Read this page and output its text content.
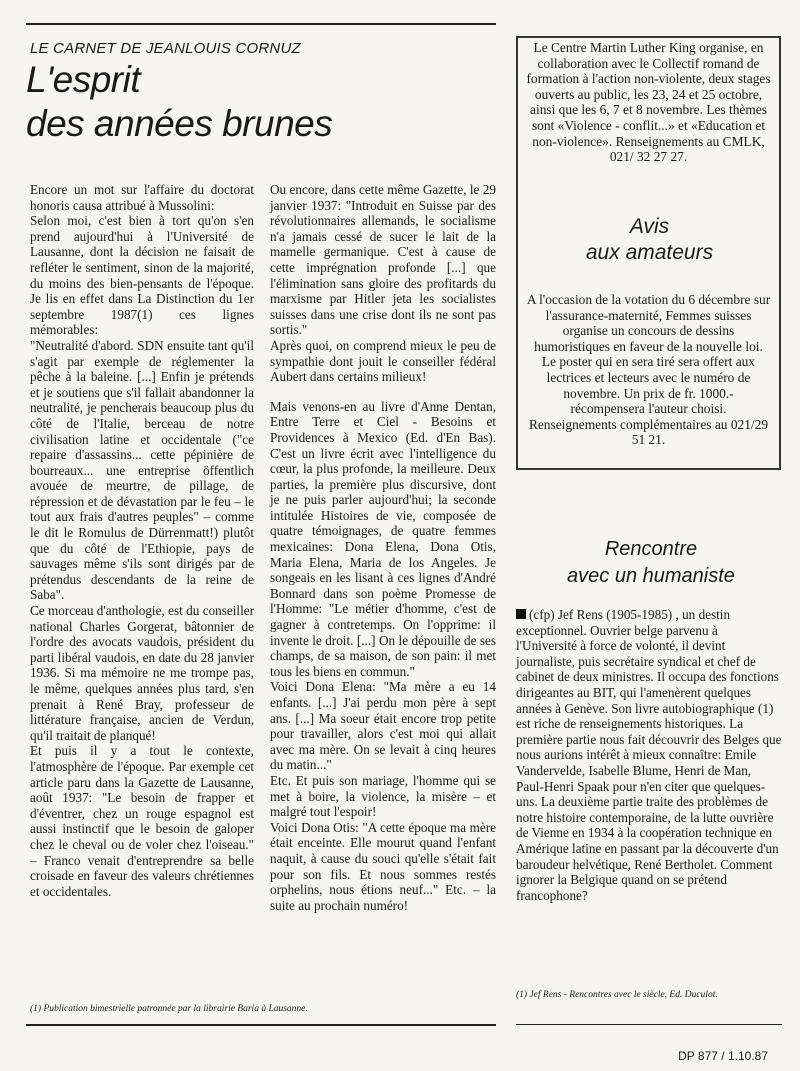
LE CARNET DE JEANLOUIS CORNUZ
L'esprit
des années brunes

Encore un mot sur l'affaire du doctorat honoris causa attribué à Mussolini:

Selon moi, c'est bien à tort qu'on s'en prend aujourd'hui à l'Université de Lausanne, dont la décision ne faisait de refléter le sentiment, sinon de la majorité, du moins des bien-pensants de l'époque. Je lis en effet dans La Distinction du 1er septembre 1987(1) ces lignes mémorables:

"Neutralité d'abord. SDN ensuite tant qu'il s'agit par exemple de réglementer la pêche à la baleine. [...] Enfin je prétends et je soutiens que s'il fallait abandonner la neutralité, je pencherais beaucoup plus du côté de l'Italie, berceau de notre civilisation latine et occidentale ("ce repaire d'assassins... cette pépinière de bourreaux... une entreprise öffentlich avouée de meurtre, de pillage, de répression et de dévastation par le feu – le tout aux frais d'autres peuples" – comme le dit le Romulus de Dürrenmatt!) plutôt que du côté de l'Ethiopie, pays de sauvages même s'ils sont dirigés par de prétendus descendants de la reine de Saba".

Ce morceau d'anthologie, est du conseiller national Charles Gorgerat, bâtonnier de l'ordre des avocats vaudois, président du parti libéral vaudois, en date du 28 janvier 1936. Si ma mémoire ne me trompe pas, le même, quelques années plus tard, s'en prenait à René Bray, professeur de littérature française, ancien de Verdun, qu'il traitait de planqué!

Et puis il y a tout le contexte, l'atmosphère de l'époque. Par exemple cet article paru dans la Gazette de Lausanne, août 1937: "Le besoin de frapper et d'éventrer, chez un rouge espagnol est aussi instinctif que le besoin de galoper chez le cheval ou de voler chez l'oiseau." – Franco venait d'entreprendre sa belle croisade en faveur des valeurs chrétiennes et occidentales.

Ou encore, dans cette même Gazette, le 29 janvier 1937: "Introduit en Suisse par des révolutionnaires allemands, le socialisme n'a jamais cessé de sucer le lait de la mamelle germanique. C'est à cause de cette imprégnation profonde [...] que l'élimination sans gloire des profitards du marxisme par Hitler jeta les socialistes suisses dans une crise dont ils ne sont pas sortis."

Après quoi, on comprend mieux le peu de sympathie dont jouit le conseiller fédéral Aubert dans certains milieux!

Mais venons-en au livre d'Anne Dentan, Entre Terre et Ciel - Besoins et Providences à Mexico (Ed. d'En Bas). C'est un livre écrit avec l'intelligence du cœur, la plus profonde, la meilleure. Deux parties, la première plus discursive, dont je ne puis parler aujourd'hui; la seconde intitulée Histoires de vie, composée de quatre témoignages, de quatre femmes mexicaines: Dona Elena, Dona Otis, Maria Elena, Maria de los Angeles. Je songeais en les lisant à ces lignes d'André Bonnard dans son poème Promesse de l'Homme: "Le métier d'homme, c'est de gagner à contretemps. On l'opprime: il invente le droit. [...] On le dépouille de ses champs, de sa maison, de son pain: il met tous les biens en commun."

Voici Dona Elena: "Ma mère a eu 14 enfants. [...] J'ai perdu mon père à sept ans. [...] Ma soeur était encore trop petite pour travailler, alors c'est moi qui allait avec ma mère. On se levait à cinq heures du matin..."

Etc. Et puis son mariage, l'homme qui se met à boire, la violence, la misère – et malgré tout l'espoir!

Voici Dona Otis: "A cette époque ma mère était enceinte. Elle mourut quand l'enfant naquit, à cause du souci qu'elle s'était fait pour son fils. Et nous sommes restés orphelins, nous étions neuf..." Etc. – la suite au prochain numéro!

(1) Publication bimestrielle patronnée par la librairie Baria à Lausanne.
Le Centre Martin Luther King organise, en collaboration avec le Collectif romand de formation à l'action non-violente, deux stages ouverts au public, les 23, 24 et 25 octobre, ainsi que les 6, 7 et 8 novembre. Les thèmes sont «Violence - conflit...» et «Education et non-violence». Renseignements au CMLK, 021/ 32 27 27.
Avis
aux amateurs
A l'occasion de la votation du 6 décembre sur l'assurance-maternité, Femmes suisses organise un concours de dessins humoristiques en faveur de la nouvelle loi. Le poster qui en sera tiré sera offert aux lectrices et lecteurs avec le numéro de novembre. Un prix de fr. 1000.- récompensera l'auteur choisi. Renseignements complémentaires au 021/29 51 21.
Rencontre
avec un humaniste
(cfp) Jef Rens (1905-1985) , un destin exceptionnel. Ouvrier belge parvenu à l'Université à force de volonté, il devint journaliste, puis secrétaire syndical et chef de cabinet de deux ministres. Il occupa des fonctions dirigeantes au BIT, qui l'amenèrent quelques années à Genève. Son livre autobiographique (1) est riche de renseignements historiques. La première partie nous fait découvrir des Belges que nous aurions intérêt à mieux connaître: Emile Vandervelde, Isabelle Blume, Henri de Man, Paul-Henri Spaak pour n'en citer que quelques-uns. La deuxième partie traite des problèmes de notre histoire contemporaine, de la lutte ouvrière de Vienne en 1934 à la coopération technique en Amérique latine en passant par la découverte d'un baroudeur helvétique, René Bertholet. Comment ignorer la Belgique quand on se prétend francophone?
(1) Jef Rens - Rencontres avec le siècle, Ed. Duculot.
DP 877 / 1.10.87
